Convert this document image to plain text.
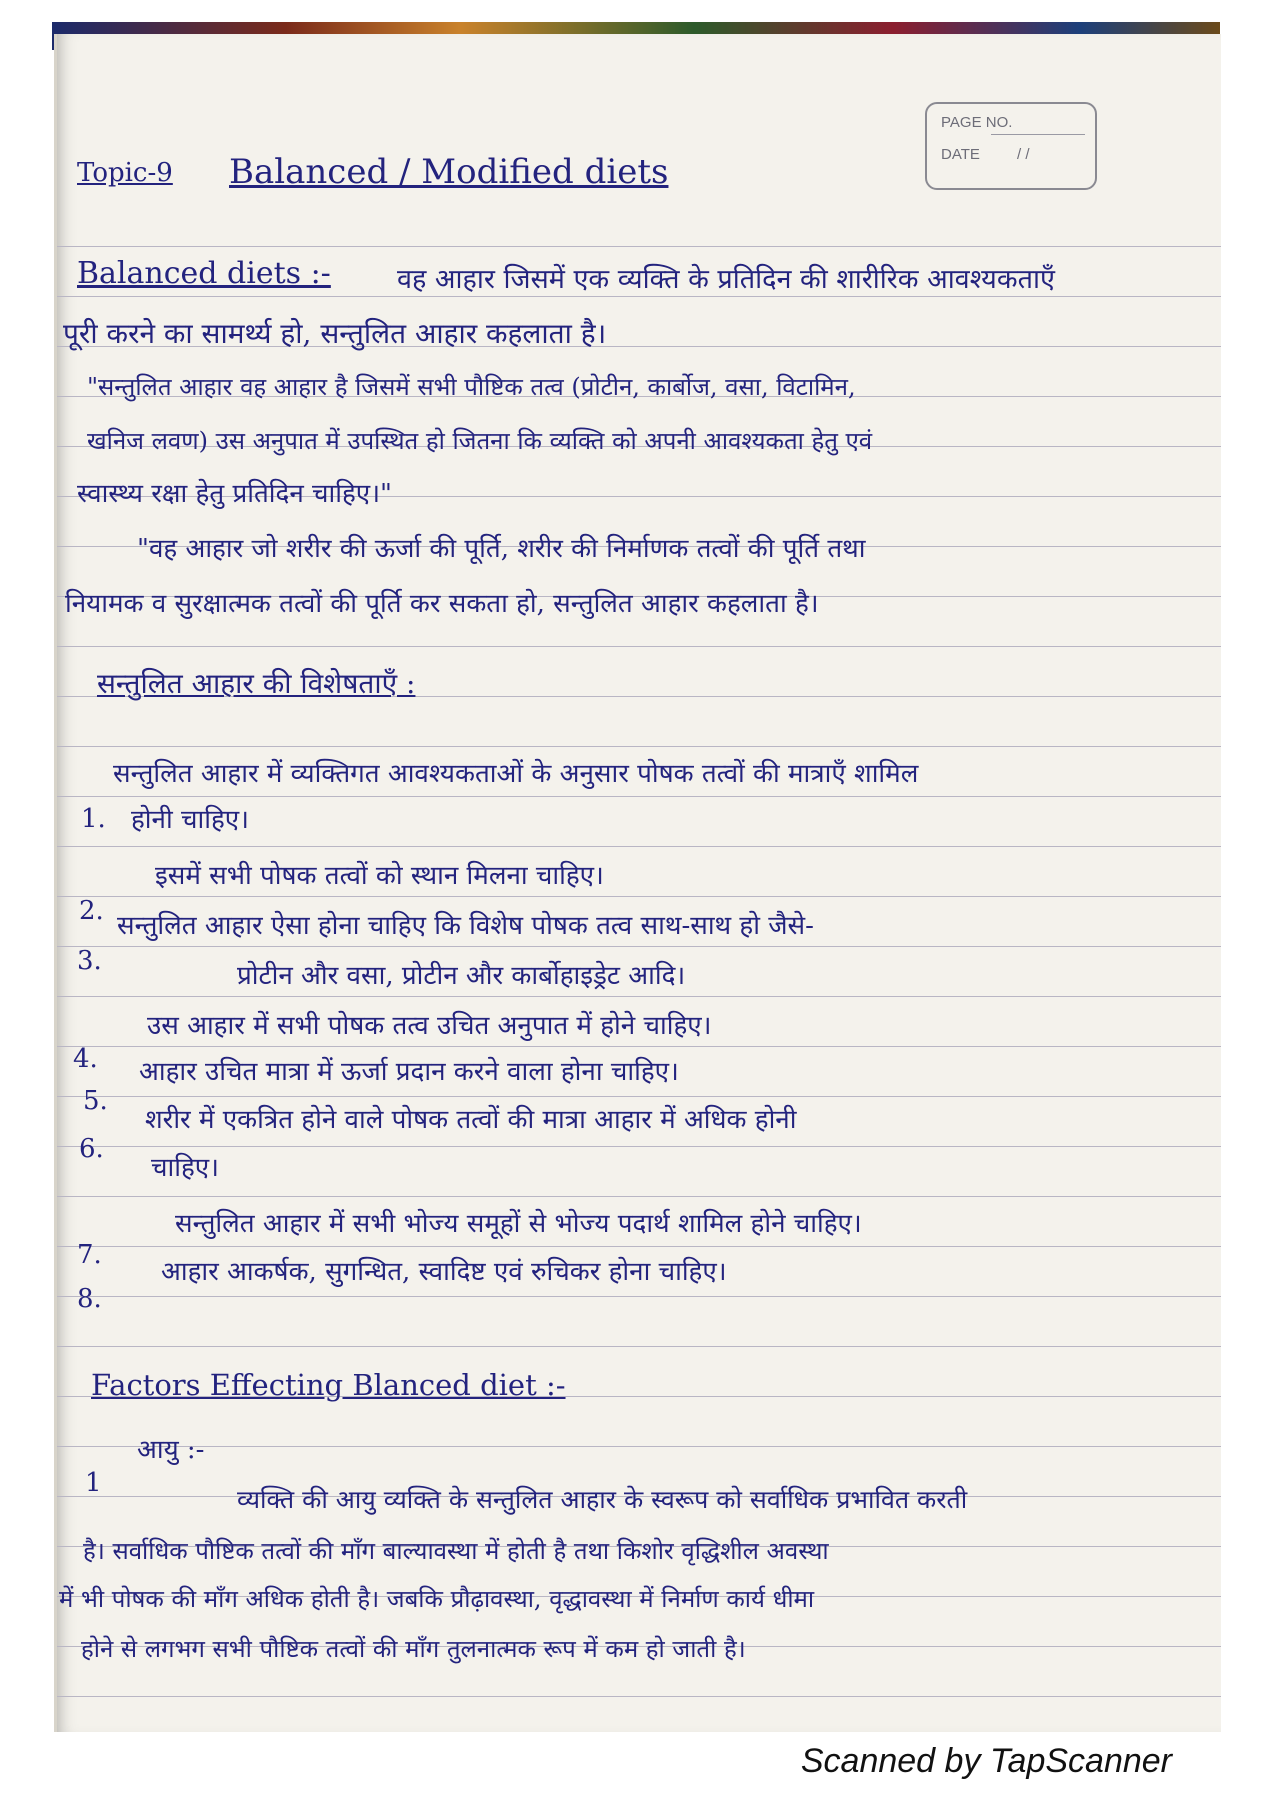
PAGE NO.
DATE / /
Topic-9 Balanced / Modified diets
Balanced diets :- वह आहार जिसमें एक व्यक्ति के प्रतिदिन की शारीरिक आवश्यकताएँ
पूरी करने का सामर्थ्य हो, सन्तुलित आहार कहलाता है।
"सन्तुलित आहार वह आहार है जिसमें सभी पौष्टिक तत्व (प्रोटीन, कार्बोज, वसा, विटामिन,
खनिज लवण) उस अनुपात में उपस्थित हो जितना कि व्यक्ति को अपनी आवश्यकता हेतु एवं
स्वास्थ्य रक्षा हेतु प्रतिदिन चाहिए।"
"वह आहार जो शरीर की ऊर्जा की पूर्ति, शरीर की निर्माणक तत्वों की पूर्ति तथा
नियामक व सुरक्षात्मक तत्वों की पूर्ति कर सकता हो, सन्तुलित आहार कहलाता है।
सन्तुलित आहार की विशेषताएँ :
1.
सन्तुलित आहार में व्यक्तिगत आवश्यकताओं के अनुसार पोषक तत्वों की मात्राएँ शामिल
होनी चाहिए।
2.
इसमें सभी पोषक तत्वों को स्थान मिलना चाहिए।
3.
सन्तुलित आहार ऐसा होना चाहिए कि विशेष पोषक तत्व साथ-साथ हो जैसे-
प्रोटीन और वसा, प्रोटीन और कार्बोहाइड्रेट आदि।
4.
उस आहार में सभी पोषक तत्व उचित अनुपात में होने चाहिए।
5.
आहार उचित मात्रा में ऊर्जा प्रदान करने वाला होना चाहिए।
6.
शरीर में एकत्रित होने वाले पोषक तत्वों की मात्रा आहार में अधिक होनी
चाहिए।
7.
सन्तुलित आहार में सभी भोज्य समूहों से भोज्य पदार्थ शामिल होने चाहिए।
8.
आहार आकर्षक, सुगन्धित, स्वादिष्ट एवं रुचिकर होना चाहिए।
Factors Effecting Blanced diet :-
1
आयु :-
व्यक्ति की आयु व्यक्ति के सन्तुलित आहार के स्वरूप को सर्वाधिक प्रभावित करती
है। सर्वाधिक पौष्टिक तत्वों की माँग बाल्यावस्था में होती है तथा किशोर वृद्धिशील अवस्था
में भी पोषक की माँग अधिक होती है। जबकि प्रौढ़ावस्था, वृद्धावस्था में निर्माण कार्य धीमा
होने से लगभग सभी पौष्टिक तत्वों की माँग तुलनात्मक रूप में कम हो जाती है।
Scanned by TapScanner
